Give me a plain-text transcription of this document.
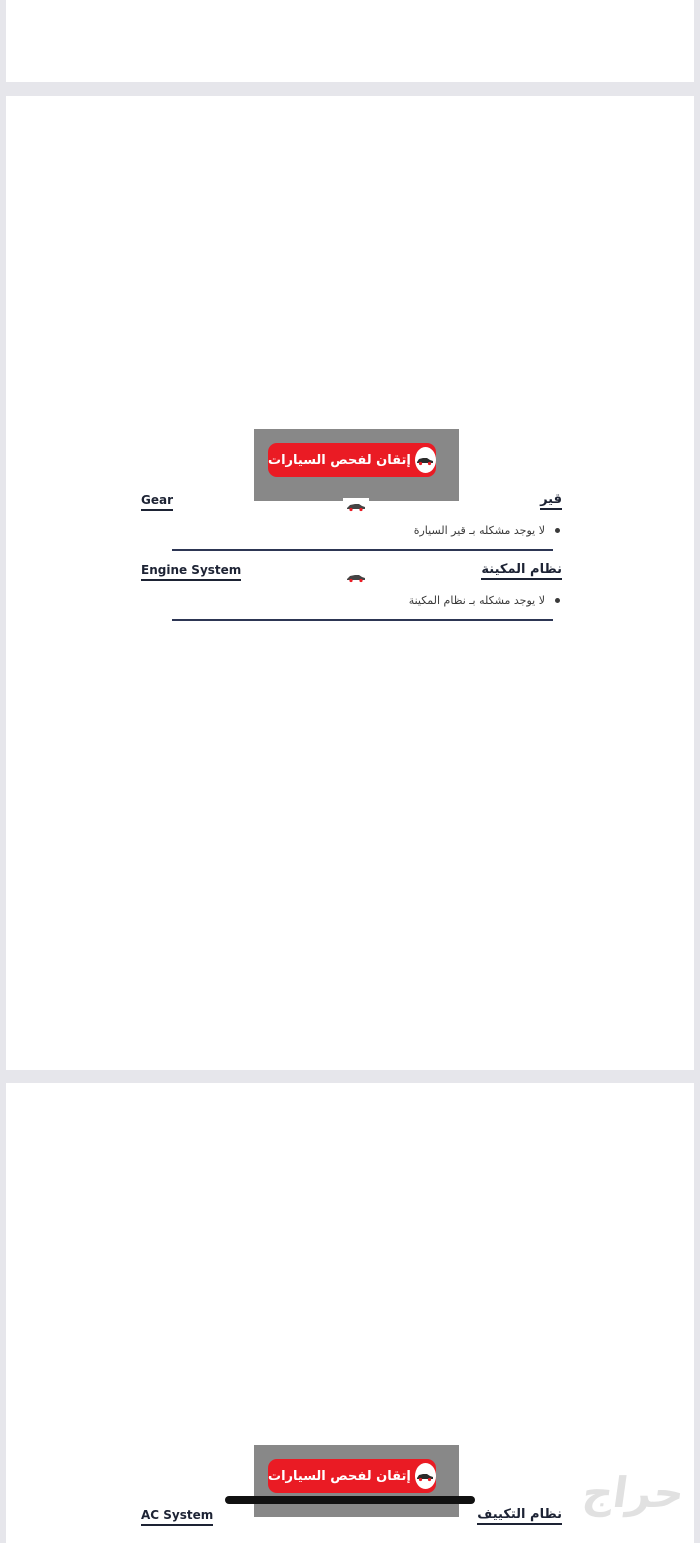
إتقان لفحص السيارات
قير
Gear
لا يوجد مشكله بـ قير السيارة
نظام المكينة
Engine System
لا يوجد مشكله بـ نظام المكينة
إتقان لفحص السيارات
نظام التكييف
AC System	حراج
